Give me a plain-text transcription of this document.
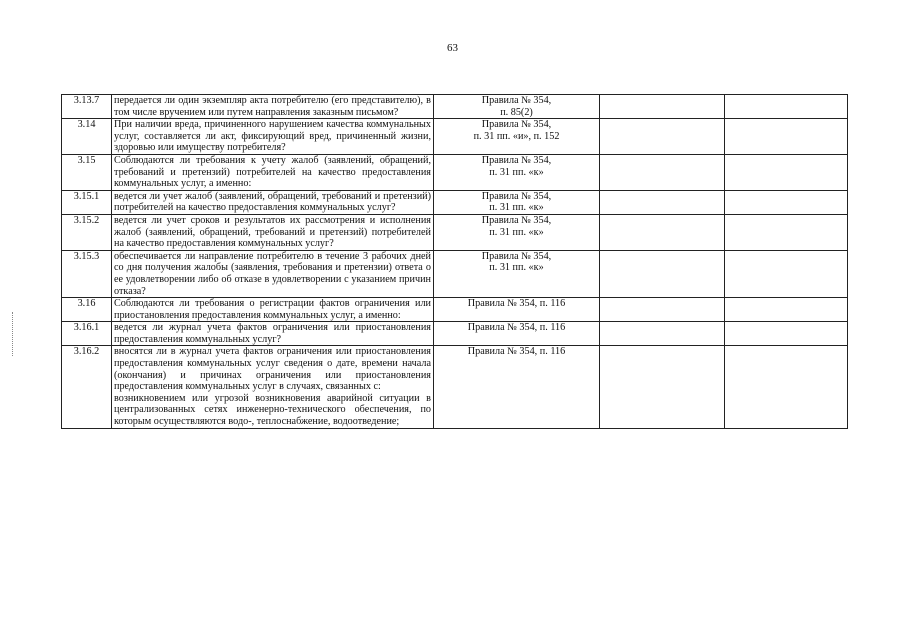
63
3.13.7	передается ли один экземпляр акта потребителю (его представителю), в том числе вручением или путем направления заказным письмом?	Правила № 354,
п. 85(2)		

3.14	При наличии вреда, причиненного нарушением качества коммунальных услуг, составляется ли акт, фиксирующий вред, причиненный жизни, здоровью или имуществу потребителя?	Правила № 354,
п. 31 пп. «и», п. 152		

3.15	Соблюдаются ли требования к учету жалоб (заявлений, обращений, требований и претензий) потребителей на качество предоставления коммунальных услуг, а именно:	Правила № 354,
п. 31 пп. «к»		

3.15.1	ведется ли учет жалоб (заявлений, обращений, требований и претензий) потребителей на качество предоставления коммунальных услуг?	Правила № 354,
п. 31 пп. «к»		

3.15.2	ведется ли учет сроков и результатов их рассмотрения и исполнения жалоб (заявлений, обращений, требований и претензий) потребителей на качество предоставления коммунальных услуг?	Правила № 354,
п. 31 пп. «к»		

3.15.3	обеспечивается ли направление потребителю в течение 3 рабочих дней со дня получения жалобы (заявления, требования и претензии) ответа о ее удовлетворении либо об отказе в удовлетворении с указанием причин отказа?	Правила № 354,
п. 31 пп. «к»		

3.16	Соблюдаются ли требования о регистрации фактов ограничения или приостановления предоставления коммунальных услуг, а именно:	Правила № 354, п. 116		

3.16.1	ведется ли журнал учета фактов ограничения или приостановления предоставления коммунальных услуг?	Правила № 354, п. 116		

3.16.2	вносятся ли в журнал учета фактов ограничения или приостановления предоставления коммунальных услуг сведения о дате, времени начала (окончания) и причинах ограничения или приостановления предоставления коммунальных услуг в случаях, связанных с:

возникновением или угрозой возникновения аварийной ситуации в централизованных сетях инженерно-технического обеспечения, по которым осуществляются водо-, теплоснабжение, водоотведение;	Правила № 354, п. 116		
